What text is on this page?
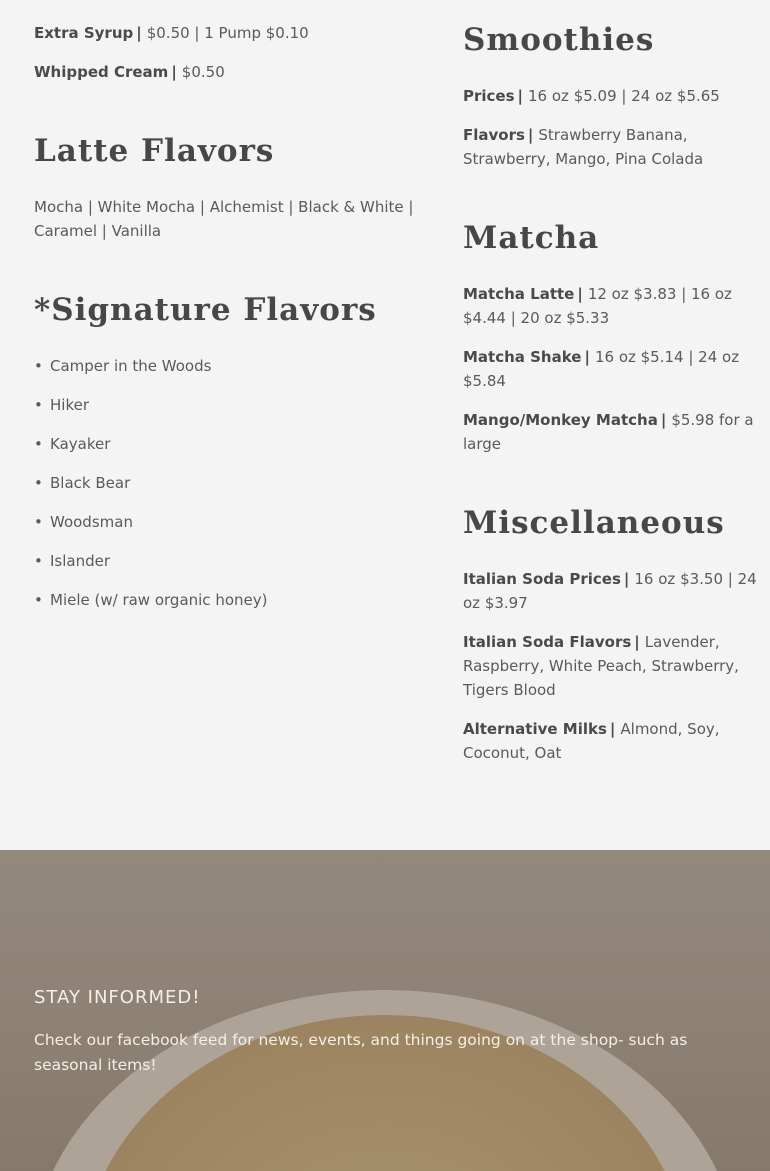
Extra Syrup | $0.50 | 1 Pump $0.10
Whipped Cream | $0.50
Latte Flavors
Mocha | White Mocha | Alchemist | Black & White |
Caramel | Vanilla
*Signature Flavors
• Camper in the Woods
• Hiker
• Kayaker
• Black Bear
• Woodsman
• Islander
• Miele (w/ raw organic honey)
Smoothies
Prices | 16 oz $5.09 | 24 oz $5.65
Flavors | Strawberry Banana,
Strawberry, Mango, Pina Colada
Matcha
Matcha Latte | 12 oz $3.83 | 16 oz
$4.44 | 20 oz $5.33
Matcha Shake | 16 oz $5.14 | 24 oz
$5.84
Mango/Monkey Matcha | $5.98 for a
large
Miscellaneous
Italian Soda Prices | 16 oz $3.50 | 24
oz $3.97
Italian Soda Flavors | Lavender,
Raspberry, White Peach, Strawberry,
Tigers Blood
Alternative Milks | Almond, Soy,
Coconut, Oat
STAY INFORMED!
Check our facebook feed for news, events, and things going on at the shop- such as seasonal items!
